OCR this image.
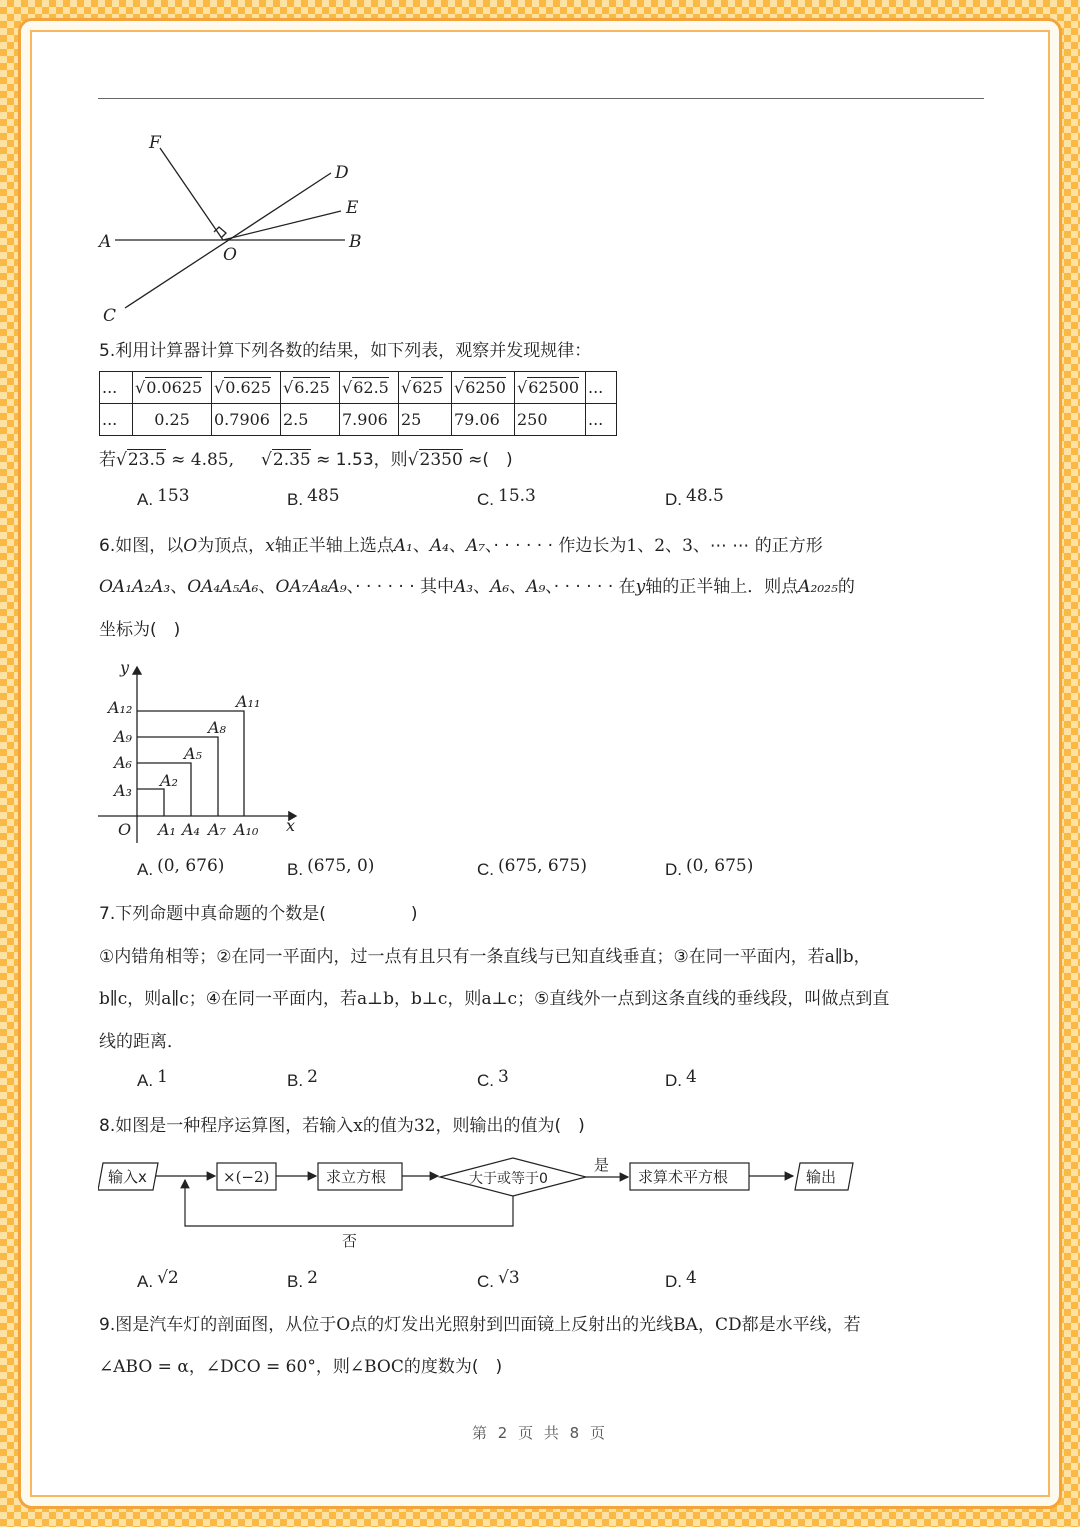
F
D
E
A
O
B
C
5.利用计算器计算下列各数的结果，如下列表，观察并发现规律：
...	√0.0625	√0.625	√6.25	√62.5	√625	√6250	√62500	...
...	0.25	0.7906	2.5	7.906	25	79.06	250	...
若√23.5 ≈ 4.85, √2.35 ≈ 1.53，则√2350 ≈(　)
A. 153	B. 485	C. 15.3	D. 48.5
6.如图，以O为顶点，x轴正半轴上选点A₁、A₄、A₇、· · · · · · 作边长为1、2、3、⋯ ⋯ 的正方形
OA₁A₂A₃、OA₄A₅A₆、OA₇A₈A₉、· · · · · · 其中A₃、A₆、A₉、· · · · · · 在y轴的正半轴上．则点A₂₀₂₅的
坐标为(　)
y
x
O A₁ A₄ A₇ A₁₀
A₃
A₆
A₉
A₁₂
A₂
A₅
A₈
A₁₁
A. (0, 676)	B. (675, 0)	C. (675, 675)	D. (0, 675)
7.下列命题中真命题的个数是(　　　　　)
①内错角相等；②在同一平面内，过一点有且只有一条直线与已知直线垂直；③在同一平面内，若a∥b，
b∥c，则a∥c；④在同一平面内，若a⊥b，b⊥c，则a⊥c；⑤直线外一点到这条直线的垂线段，叫做点到直
线的距离．
A. 1	B. 2	C. 3	D. 4
8.如图是一种程序运算图，若输入x的值为32，则输出的值为(　)
输入x	×(−2)	求立方根	大于或等于0
是
求算术平方根	输出
否
A. √2	B. 2	C. √3	D. 4
9.图是汽车灯的剖面图，从位于O点的灯发出光照射到凹面镜上反射出的光线BA，CD都是水平线，若
∠ABO = α，∠DCO = 60°，则∠BOC的度数为(　)
第 2 页 共 8 页
